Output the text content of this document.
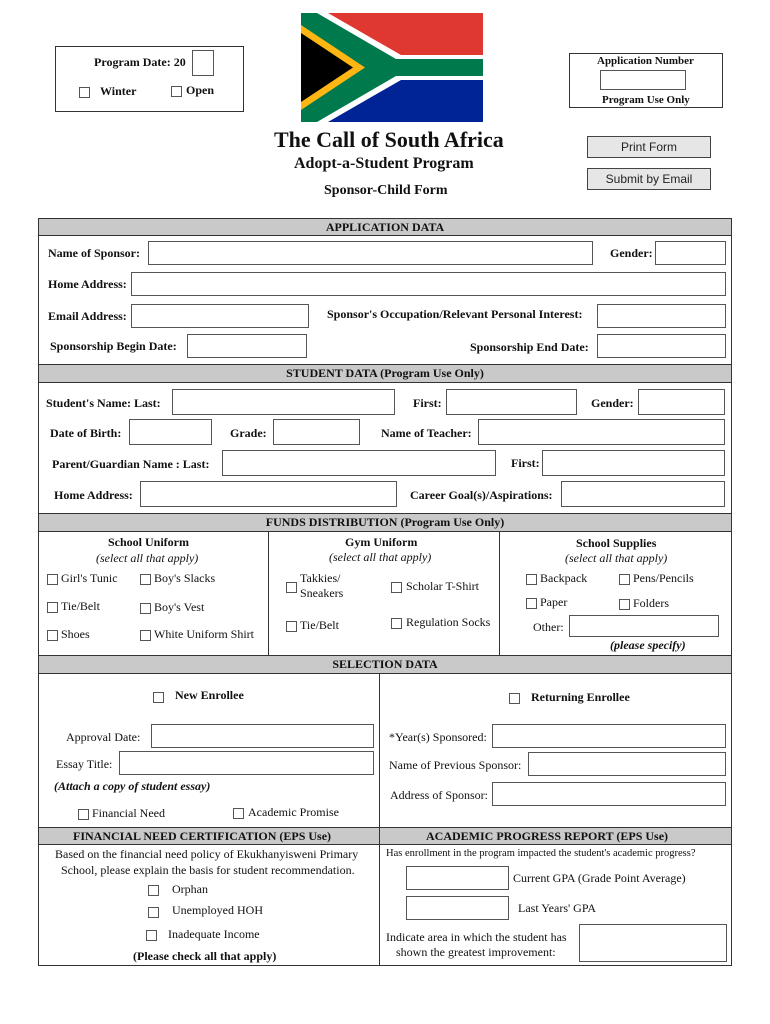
Program Date: 20
Winter	Open
Application Number
Program Use Only
The Call of South Africa
Adopt-a-Student Program
Sponsor-Child Form
Print Form
Submit by Email
APPLICATION DATA
Name of Sponsor:	Gender:
Home Address:
Email Address:	Sponsor's Occupation/Relevant Personal Interest:
Sponsorship Begin Date:	Sponsorship End Date:
STUDENT DATA (Program Use Only)
Student's Name: Last:	First:	Gender:
Date of Birth:	Grade:	Name of Teacher:
Parent/Guardian Name : Last:	First:
Home Address:	Career Goal(s)/Aspirations:
FUNDS DISTRIBUTION (Program Use Only)
School Uniform
(select all that apply)
Girl's Tunic	Boy's Slacks
Tie/Belt	Boy's Vest
Shoes	White Uniform Shirt
Gym Uniform
(select all that apply)
Takkies/
Sneakers	Scholar T-Shirt
Tie/Belt	Regulation Socks
School Supplies
(select all that apply)
Backpack	Pens/Pencils
Paper	Folders
Other:
(please specify)
SELECTION DATA
New Enrollee	Returning Enrollee
Approval Date:	*Year(s) Sponsored:
Essay Title:	Name of Previous Sponsor:
(Attach a copy of student essay)
Address of Sponsor:
Financial Need	Academic Promise
FINANCIAL NEED CERTIFICATION (EPS Use)	ACADEMIC PROGRESS REPORT (EPS Use)
Based on the financial need policy of Ekukhanyisweni Primary
School, please explain the basis for student recommendation.
Orphan
Unemployed HOH
Inadequate Income
(Please check all that apply)
Has enrollment in the program impacted the student's academic progress?
Current GPA (Grade Point Average)
Last Years' GPA
Indicate area in which the student has
shown the greatest improvement:
